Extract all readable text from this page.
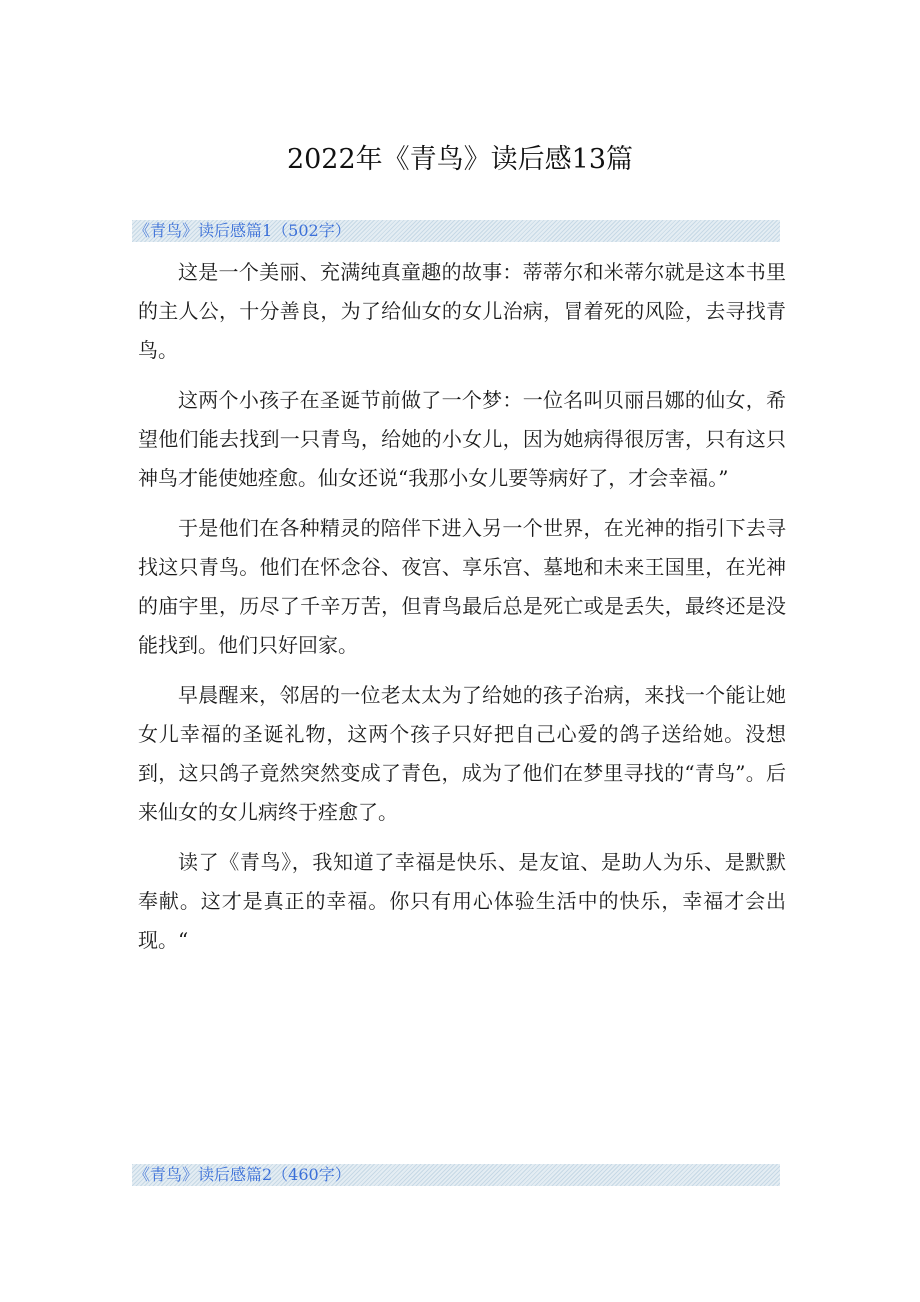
2022年《青鸟》读后感13篇
《青鸟》读后感篇1（502字）

这是一个美丽、充满纯真童趣的故事：蒂蒂尔和米蒂尔就是这本书里的主人公，十分善良，为了给仙女的女儿治病，冒着死的风险，去寻找青鸟。

这两个小孩子在圣诞节前做了一个梦：一位名叫贝丽吕娜的仙女，希望他们能去找到一只青鸟，给她的小女儿，因为她病得很厉害，只有这只神鸟才能使她痊愈。仙女还说“我那小女儿要等病好了，才会幸福。”

于是他们在各种精灵的陪伴下进入另一个世界，在光神的指引下去寻找这只青鸟。他们在怀念谷、夜宫、享乐宫、墓地和未来王国里，在光神的庙宇里，历尽了千辛万苦，但青鸟最后总是死亡或是丢失，最终还是没能找到。他们只好回家。

早晨醒来，邻居的一位老太太为了给她的孩子治病，来找一个能让她女儿幸福的圣诞礼物，这两个孩子只好把自己心爱的鸽子送给她。没想到，这只鸽子竟然突然变成了青色，成为了他们在梦里寻找的“青鸟”。后来仙女的女儿病终于痊愈了。

读了《青鸟》，我知道了幸福是快乐、是友谊、是助人为乐、是默默奉献。这才是真正的幸福。你只有用心体验生活中的快乐，幸福才会出现。“

《青鸟》读后感篇2（460字）
